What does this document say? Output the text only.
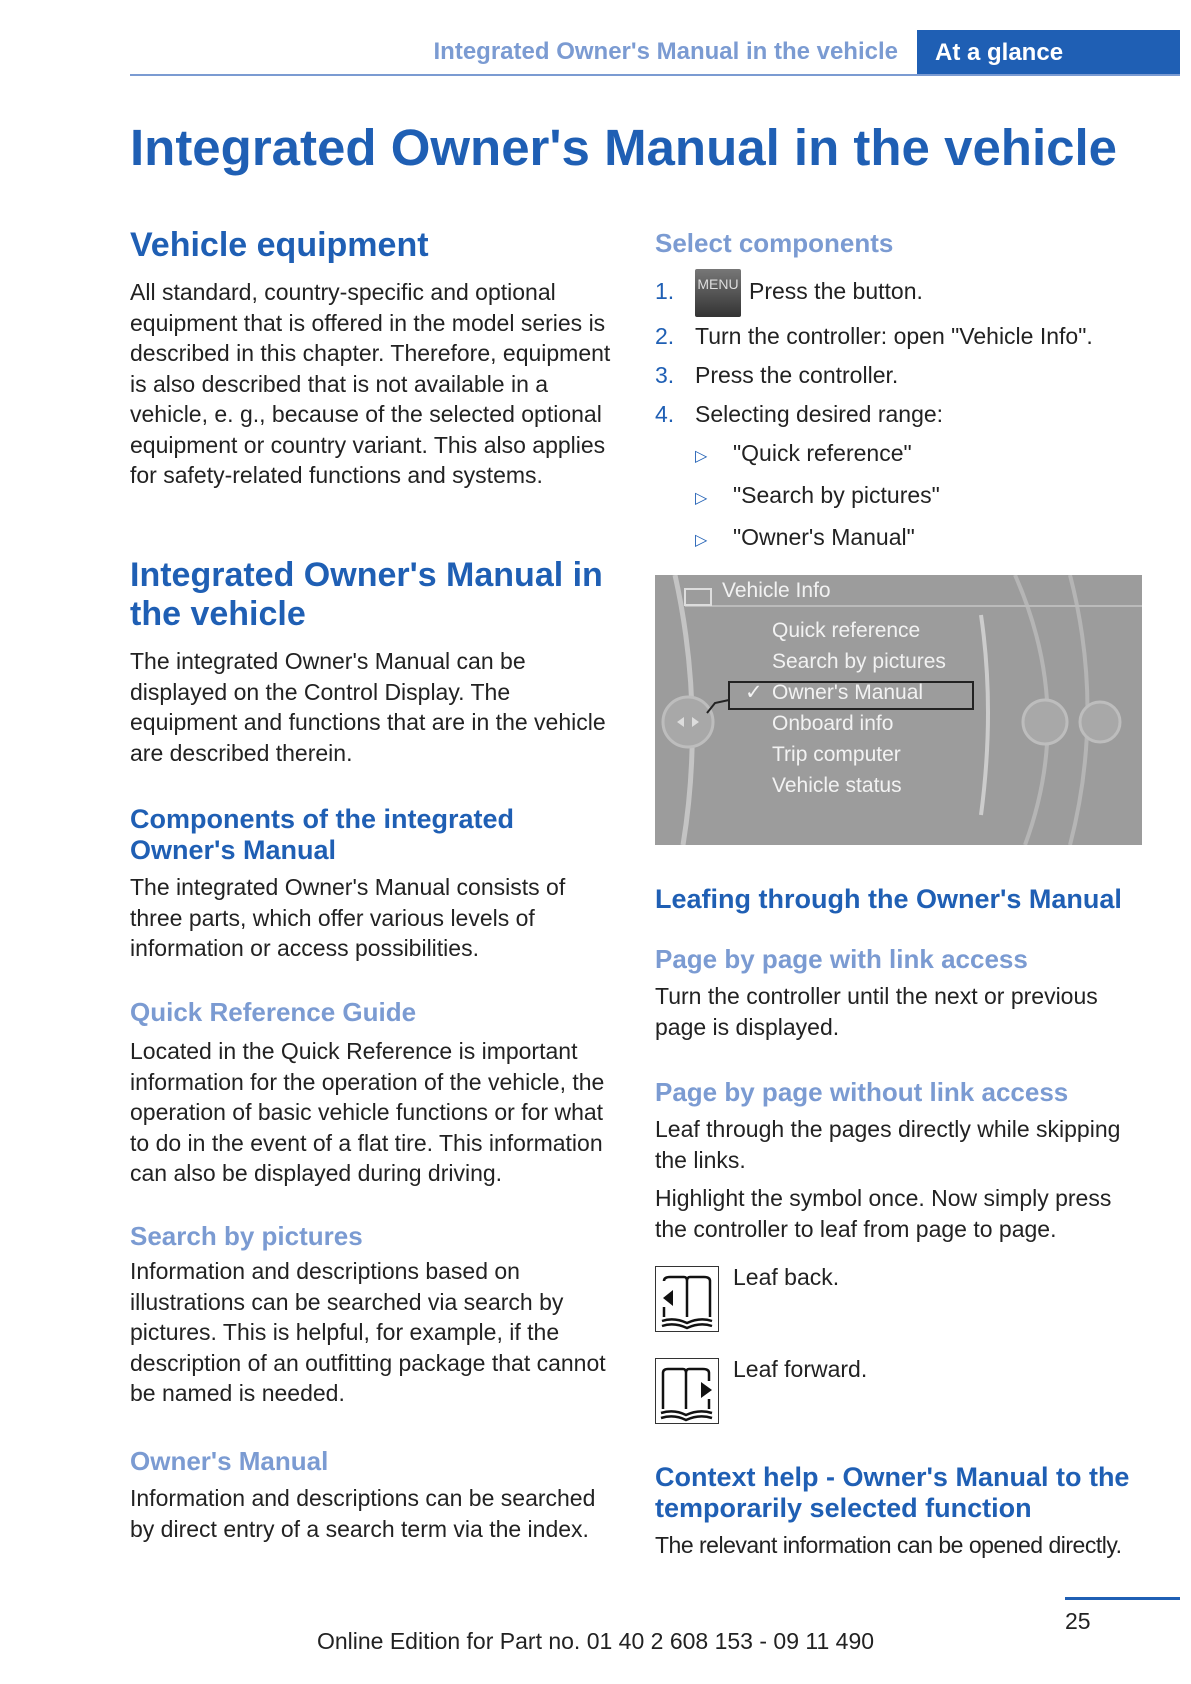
Integrated Owner's Manual in the vehicle	At a glance
Integrated Owner's Manual in the vehicle
Vehicle equipment

All standard, country-specific and optional equipment that is offered in the model series is described in this chapter. Therefore, equipment is also described that is not available in a vehicle, e. g., because of the selected optional equipment or country variant. This also applies for safety-related functions and systems.

Integrated Owner's Manual in the vehicle

The integrated Owner's Manual can be displayed on the Control Display. The equipment and functions that are in the vehicle are described therein.

Components of the integrated Owner's Manual

The integrated Owner's Manual consists of three parts, which offer various levels of information or access possibilities.

Quick Reference Guide

Located in the Quick Reference is important information for the operation of the vehicle, the operation of basic vehicle functions or for what to do in the event of a flat tire. This information can also be displayed during driving.

Search by pictures

Information and descriptions based on illustrations can be searched via search by pictures. This is helpful, for example, if the description of an outfitting package that cannot be named is needed.

Owner's Manual

Information and descriptions can be searched by direct entry of a search term via the index.

Select components
1. MENU Press the button.
2. Turn the controller: open "Vehicle Info".
3. Press the controller.
4. Selecting desired range:
▷ "Quick reference"
▷ "Search by pictures"
▷ "Owner's Manual"
Vehicle Info
Quick reference
Search by pictures
✓ Owner's Manual
Onboard info
Trip computer
Vehicle status
Leafing through the Owner's Manual
Page by page with link access

Turn the controller until the next or previous page is displayed.

Page by page without link access

Leaf through the pages directly while skipping the links.

Highlight the symbol once. Now simply press the controller to leaf from page to page.

Leaf back.
Leaf forward.
Context help - Owner's Manual to the temporarily selected function

The relevant information can be opened directly.

25
Online Edition for Part no. 01 40 2 608 153 - 09 11 490
